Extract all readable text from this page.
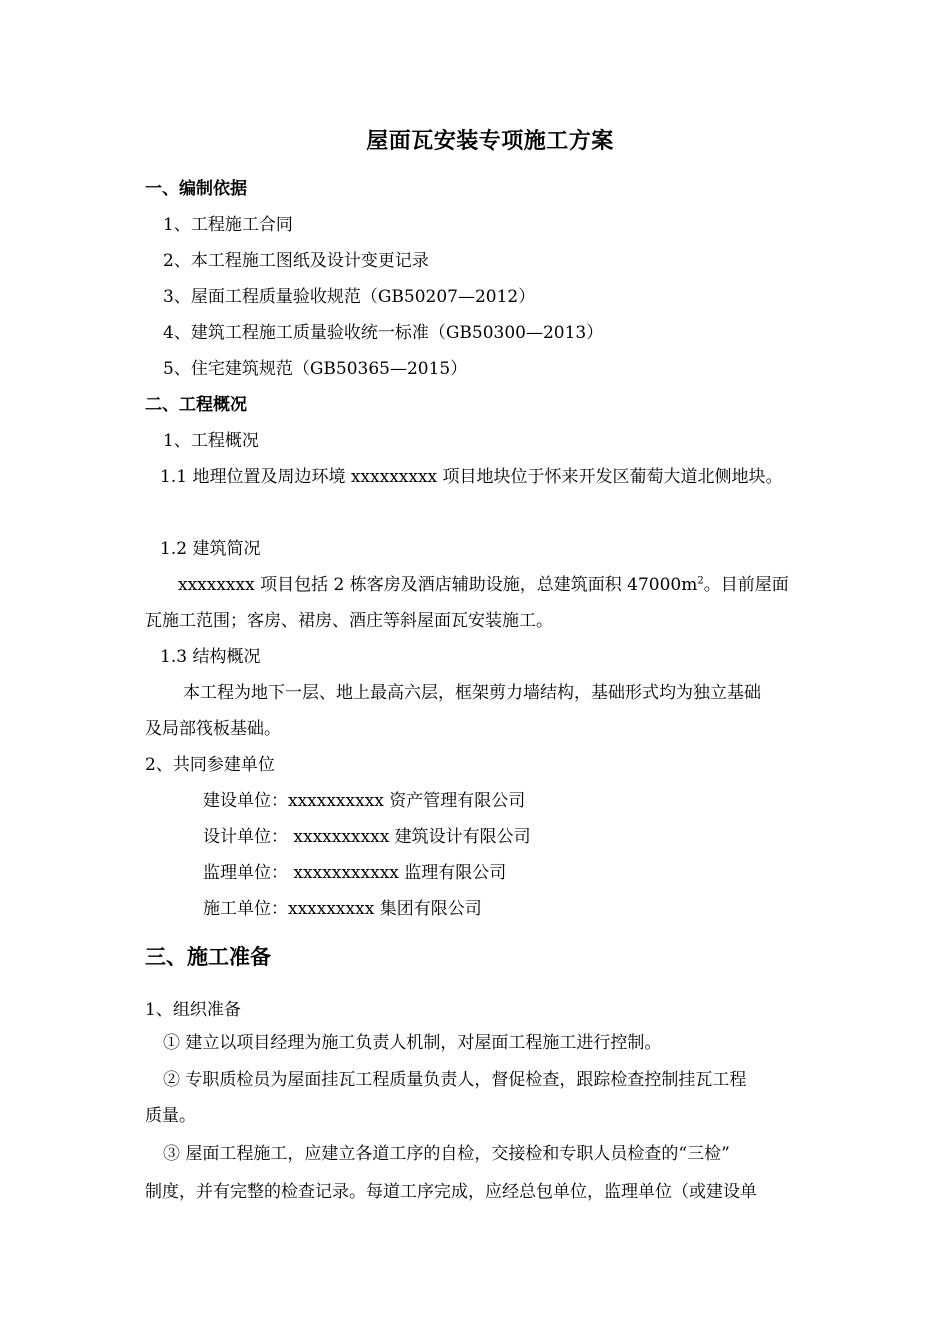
屋面瓦安装专项施工方案
一、编制依据
1、工程施工合同
2、本工程施工图纸及设计变更记录
3、屋面工程质量验收规范（GB50207—2012）
4、建筑工程施工质量验收统一标准（GB50300—2013）
5、住宅建筑规范（GB50365—2015）
二、工程概况
1、工程概况
1.1 地理位置及周边环境 xxxxxxxxx 项目地块位于怀来开发区葡萄大道北侧地块。
1.2 建筑简况
xxxxxxxx 项目包括 2 栋客房及酒店辅助设施，总建筑面积 $47000m^2$。目前屋面
瓦施工范围；客房、裙房、酒庄等斜屋面瓦安装施工。
1.3 结构概况
本工程为地下一层、地上最高六层，框架剪力墙结构，基础形式均为独立基础
及局部筏板基础。
2、共同参建单位
建设单位：xxxxxxxxxx 资产管理有限公司
设计单位： xxxxxxxxxx 建筑设计有限公司
监理单位： xxxxxxxxxxx 监理有限公司
施工单位：xxxxxxxxx 集团有限公司
三、施工准备
1、组织准备
① 建立以项目经理为施工负责人机制，对屋面工程施工进行控制。
② 专职质检员为屋面挂瓦工程质量负责人，督促检查，跟踪检查控制挂瓦工程
质量。
③ 屋面工程施工，应建立各道工序的自检，交接检和专职人员检查的“三检”
制度，并有完整的检查记录。每道工序完成，应经总包单位，监理单位（或建设单
